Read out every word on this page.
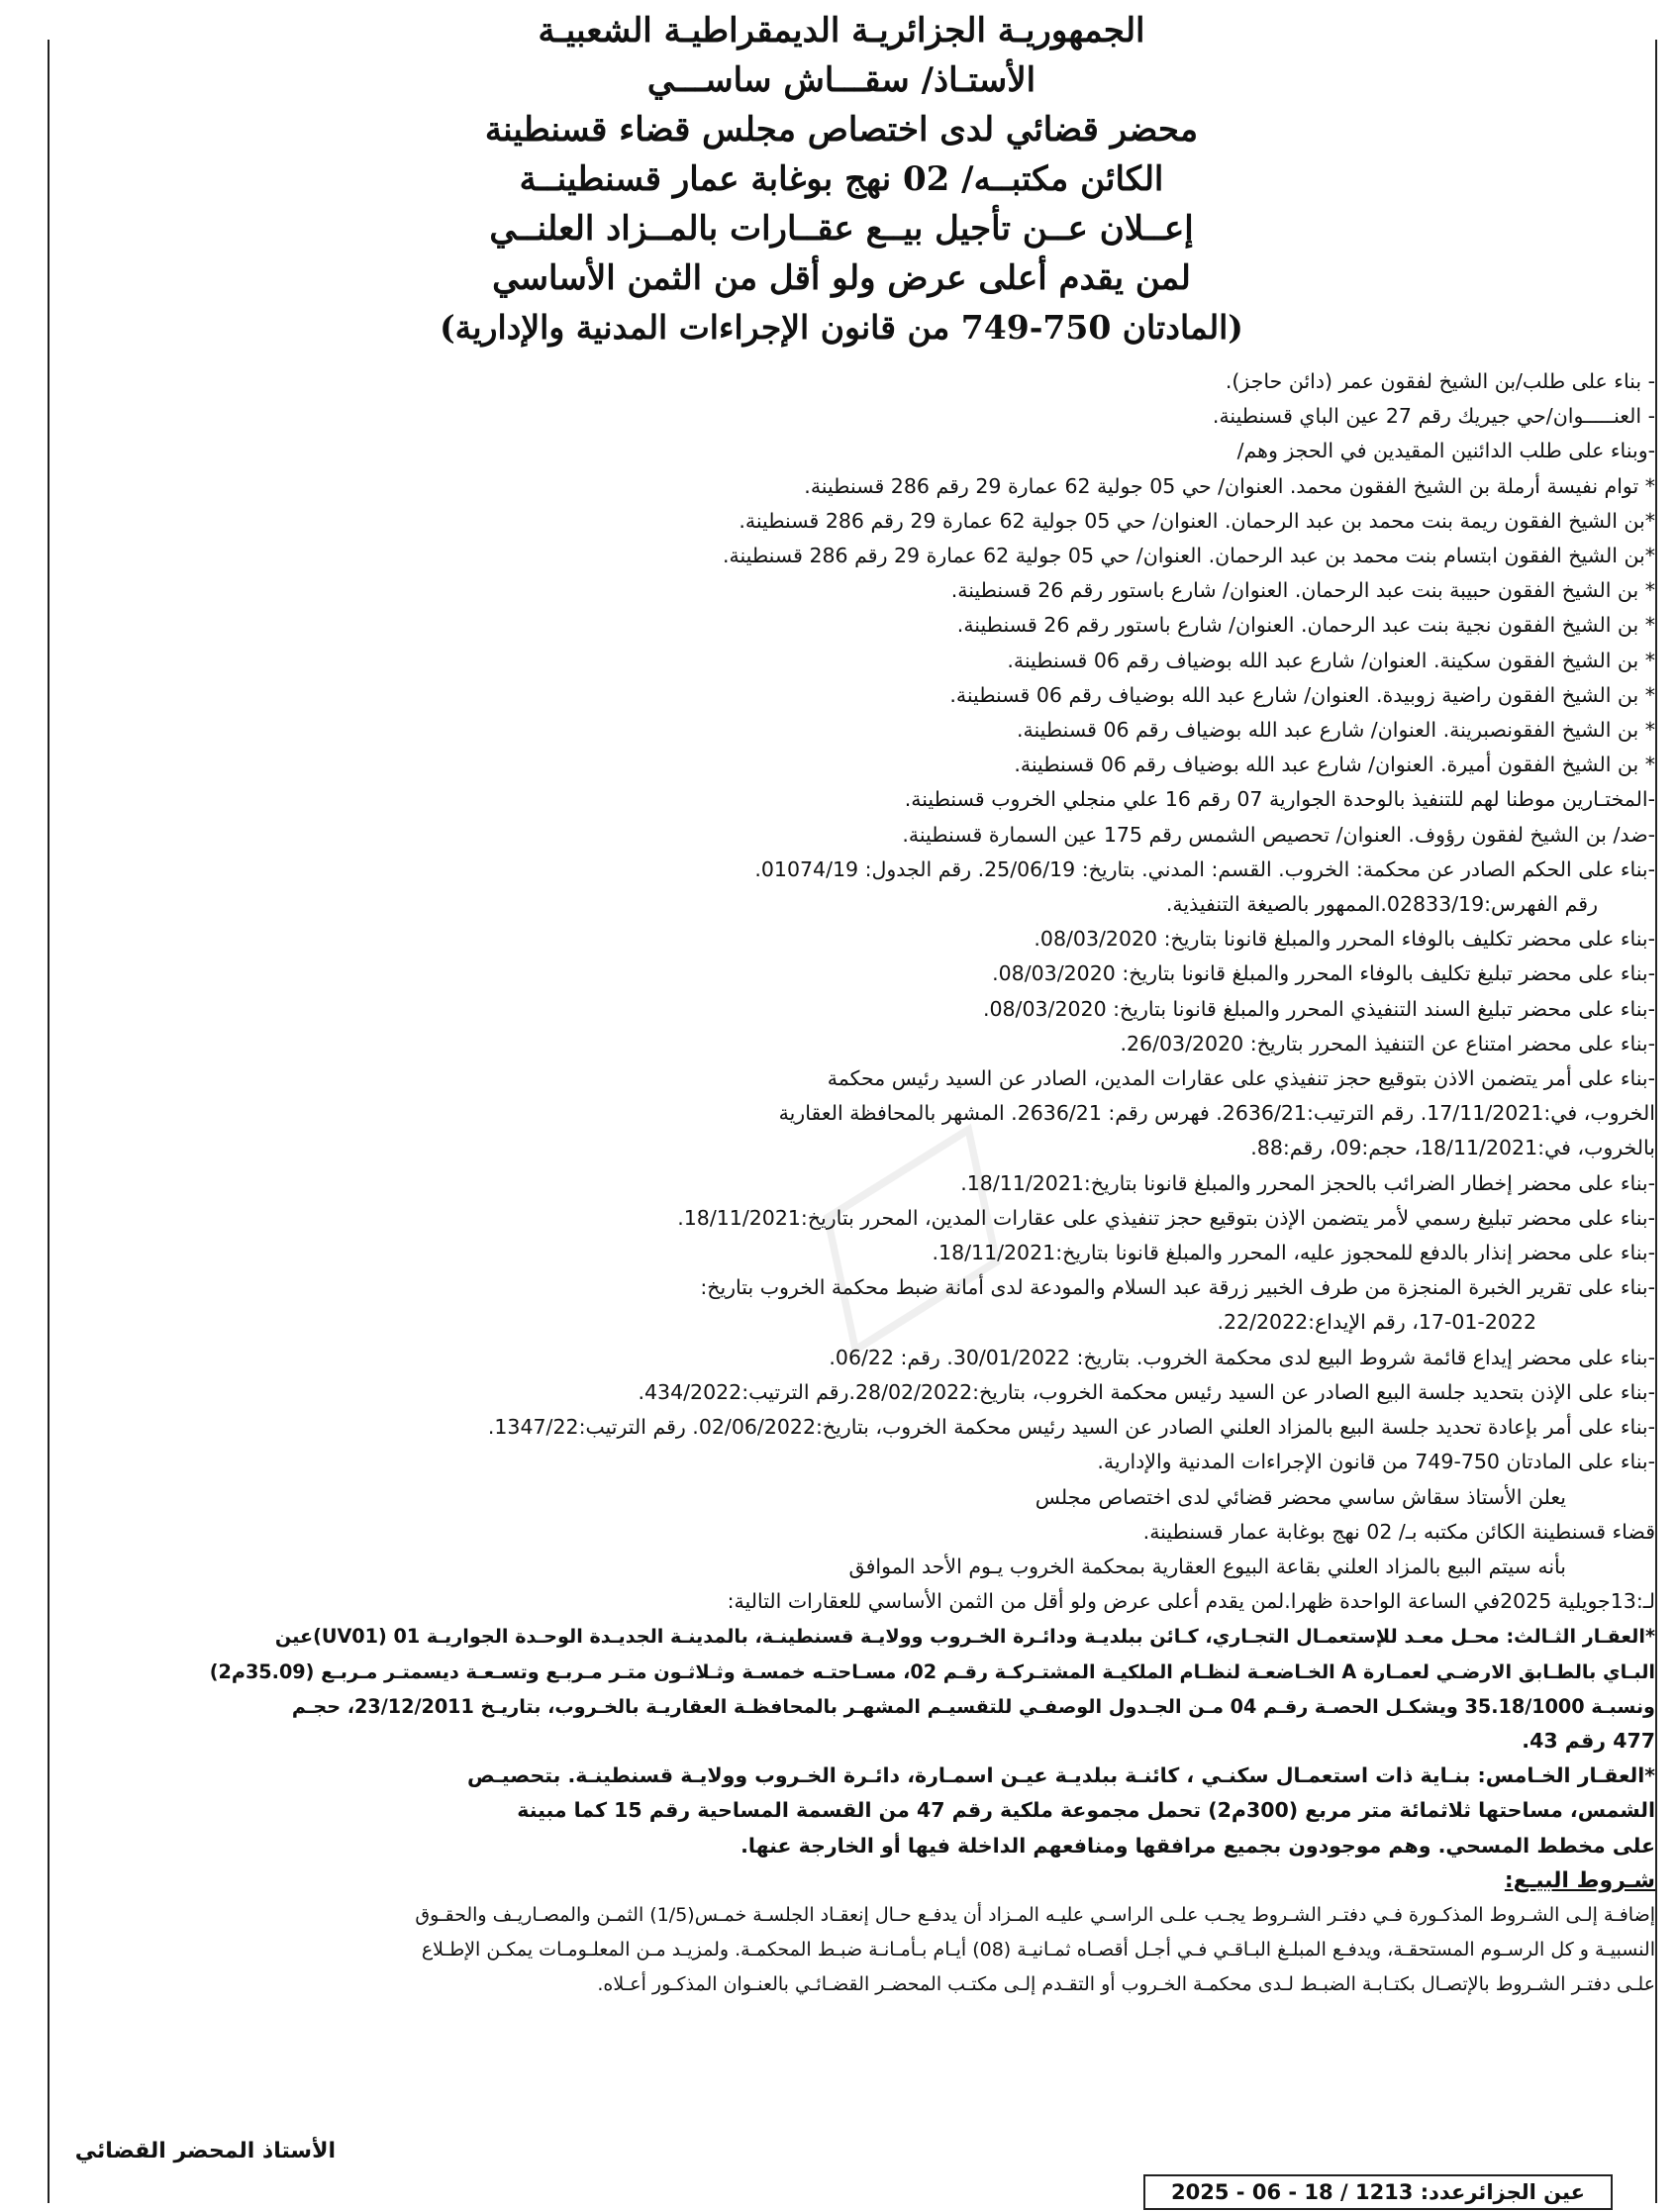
الجمهوريـة الجزائريـة الديمقراطيـة الشعبيـة

الأستـاذ/ سقـــاش ساســـي

محضر قضائي لدى اختصاص مجلس قضاء قسنطينة

الكائن مكتبــه/ 02 نهج بوغابة عمار قسنطينــة

إعــلان عــن تأجيل بيــع عقــارات بالمــزاد العلنــي

لمن يقدم أعلى عرض ولو أقل من الثمن الأساسي

(المادتان 750-749 من قانون الإجراءات المدنية والإدارية)

- بناء على طلب/بن الشيخ لفقون عمر (دائن حاجز).

- العنـــــوان/حي جيريك رقم 27 عين الباي قسنطينة.

-وبناء على طلب الدائنين المقيدين في الحجز وهم/

* توام نفيسة أرملة بن الشيخ الفقون محمد. العنوان/ حي 05 جولية 62 عمارة 29 رقم 286 قسنطينة.

*بن الشيخ الفقون ريمة بنت محمد بن عبد الرحمان. العنوان/ حي 05 جولية 62 عمارة 29 رقم 286 قسنطينة.

*بن الشيخ الفقون ابتسام بنت محمد بن عبد الرحمان. العنوان/ حي 05 جولية 62 عمارة 29 رقم 286 قسنطينة.

* بن الشيخ الفقون حبيبة بنت عبد الرحمان. العنوان/ شارع باستور رقم 26 قسنطينة.

* بن الشيخ الفقون نجية بنت عبد الرحمان. العنوان/ شارع باستور رقم 26 قسنطينة.

* بن الشيخ الفقون سكينة. العنوان/ شارع عبد الله بوضياف رقم 06 قسنطينة.

* بن الشيخ الفقون راضية زوبيدة. العنوان/ شارع عبد الله بوضياف رقم 06 قسنطينة.

* بن الشيخ الفقونصبرينة. العنوان/ شارع عبد الله بوضياف رقم 06 قسنطينة.

* بن الشيخ الفقون أميرة. العنوان/ شارع عبد الله بوضياف رقم 06 قسنطينة.

-المختـارين موطنا لهم للتنفيذ بالوحدة الجوارية 07 رقم 16 علي منجلي الخروب قسنطينة.

-ضد/ بن الشيخ لفقون رؤوف. العنوان/ تحصيص الشمس رقم 175 عين السمارة قسنطينة.

-بناء على الحكم الصادر عن محكمة: الخروب. القسم: المدني. بتاريخ: 25/06/19. رقم الجدول: 01074/19.

رقم الفهرس:02833/19.الممهور بالصيغة التنفيذية.

-بناء على محضر تكليف بالوفاء المحرر والمبلغ قانونا بتاريخ: 08/03/2020.

-بناء على محضر تبليغ تكليف بالوفاء المحرر والمبلغ قانونا بتاريخ: 08/03/2020.

-بناء على محضر تبليغ السند التنفيذي المحرر والمبلغ قانونا بتاريخ: 08/03/2020.

-بناء على محضر امتناع عن التنفيذ المحرر بتاريخ: 26/03/2020.

-بناء على أمر يتضمن الاذن بتوقيع حجز تنفيذي على عقارات المدين، الصادر عن السيد رئيس محكمة

الخروب، في:17/11/2021. رقم الترتيب:2636/21. فهرس رقم: 2636/21. المشهر بالمحافظة العقارية

بالخروب، في:18/11/2021، حجم:09، رقم:88.

-بناء على محضر إخطار الضرائب بالحجز المحرر والمبلغ قانونا بتاريخ:18/11/2021.

-بناء على محضر تبليغ رسمي لأمر يتضمن الإذن بتوقيع حجز تنفيذي على عقارات المدين، المحرر بتاريخ:18/11/2021.

-بناء على محضر إنذار بالدفع للمحجوز عليه، المحرر والمبلغ قانونا بتاريخ:18/11/2021.

-بناء على تقرير الخبرة المنجزة من طرف الخبير زرقة عبد السلام والمودعة لدى أمانة ضبط محكمة الخروب بتاريخ:

17-01-2022، رقم الإيداع:22/2022.

-بناء على محضر إيداع قائمة شروط البيع لدى محكمة الخروب. بتاريخ: 30/01/2022. رقم: 06/22.

-بناء على الإذن بتحديد جلسة البيع الصادر عن السيد رئيس محكمة الخروب، بتاريخ:28/02/2022.رقم الترتيب:434/2022.

-بناء على أمر بإعادة تحديد جلسة البيع بالمزاد العلني الصادر عن السيد رئيس محكمة الخروب، بتاريخ:02/06/2022. رقم الترتيب:1347/22.

-بناء على المادتان 750-749 من قانون الإجراءات المدنية والإدارية.

يعلن الأستاذ سقاش ساسي محضر قضائي لدى اختصاص مجلس

قضاء قسنطينة الكائن مكتبه بـ/ 02 نهج بوغابة عمار قسنطينة.

بأنه سيتم البيع بالمزاد العلني بقاعة البيوع العقارية بمحكمة الخروب يـوم الأحد الموافق

لـ:13جويلية 2025في الساعة الواحدة ظهرا.لمن يقدم أعلى عرض ولو أقل من الثمن الأساسي للعقارات التالية:

*العقـار الثـالث: محـل معـد للإستعمـال التجـاري، كـائن ببلديـة ودائـرة الخـروب وولايـة قسنطينـة، بالمدينـة الجديـدة الوحـدة الجواريـة 01 (UV01)عين

البـاي بالطـابق الارضـي لعمـارة A الخـاضعـة لنظـام الملكيـة المشتـركـة رقـم 02، مسـاحتـه خمسـة وثـلاثـون متـر مـربـع وتسـعـة ديسمتـر مـربـع (35.09م2)

ونسبـة 35.18/1000 ويشكـل الحصـة رقـم 04 مـن الجـدول الوصفـي للتقسيـم المشهـر بالمحافظـة العقاريـة بالخـروب، بتاريـخ 23/12/2011، حجـم

477 رقم 43.

*العقـار الخـامس: بنـاية ذات استعمـال سكنـي ، كائنـة ببلديـة عيـن اسمـارة، دائـرة الخـروب وولايـة قسنطينـة. بتحصيـص

الشمس، مساحتها ثلاثمائة متر مربع (300م2) تحمل مجموعة ملكية رقم 47 من القسمة المساحية رقم 15 كما مبينة

على مخطط المسحي. وهم موجودون بجميع مرافقها ومنافعهم الداخلة فيها أو الخارجة عنها.

شـروط البيـع:

إضافـة إلـى الشـروط المذكـورة فـي دفتـر الشـروط يجـب علـى الراسـي عليـه المـزاد أن يدفـع حـال إنعقـاد الجلسـة خمـس(1/5) الثمـن والمصـاريـف والحقـوق

النسبيـة و كل الرسـوم المستحقـة، ويدفـع المبلـغ البـاقـي فـي أجـل أقصـاه ثمـانيـة (08) أيـام بـأمـانـة ضبـط المحكمـة. ولمزيـد مـن المعلـومـات يمكـن الإطـلاع

علـى دفتـر الشـروط بالإتصـال بكتـابـة الضبـط لـدى محكمـة الخـروب أو التقـدم إلـى مكتـب المحضـر القضـائـي بالعنـوان المذكـور أعـلاه.

الأستاذ المحضر القضائي
عين الجزائرعدد: 1213 / 18 - 06 - 2025
